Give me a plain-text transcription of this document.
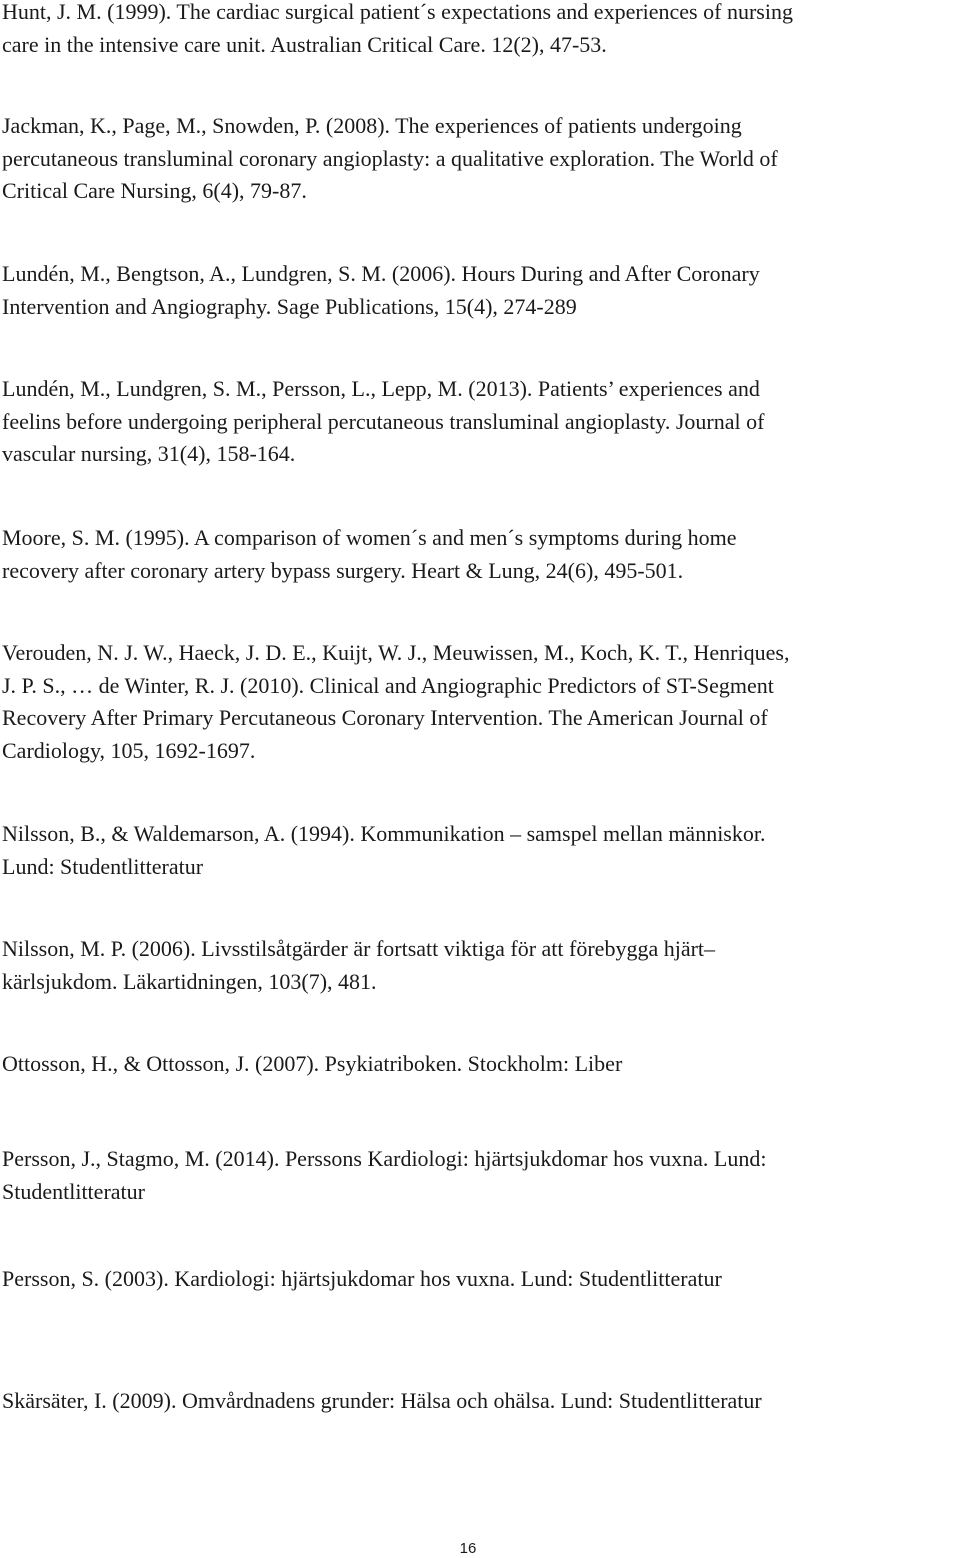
Hunt, J. M. (1999). The cardiac surgical patient´s expectations and experiences of nursing
care in the intensive care unit. Australian Critical Care. 12(2), 47-53.

Jackman, K., Page, M., Snowden, P. (2008). The experiences of patients undergoing
percutaneous transluminal coronary angioplasty: a qualitative exploration. The World of
Critical Care Nursing, 6(4), 79-87.

Lundén, M., Bengtson, A., Lundgren, S. M. (2006). Hours During and After Coronary
Intervention and Angiography. Sage Publications, 15(4), 274-289

Lundén, M., Lundgren, S. M., Persson, L., Lepp, M. (2013). Patients’ experiences and
feelins before undergoing peripheral percutaneous transluminal angioplasty. Journal of
vascular nursing, 31(4), 158-164.

Moore, S. M. (1995). A comparison of women´s and men´s symptoms during home
recovery after coronary artery bypass surgery. Heart & Lung, 24(6), 495-501.

Verouden, N. J. W., Haeck, J. D. E., Kuijt, W. J., Meuwissen, M., Koch, K. T., Henriques,
J. P. S., … de Winter, R. J. (2010). Clinical and Angiographic Predictors of ST-Segment
Recovery After Primary Percutaneous Coronary Intervention. The American Journal of
Cardiology, 105, 1692-1697.

Nilsson, B., & Waldemarson, A. (1994). Kommunikation – samspel mellan människor.
Lund: Studentlitteratur

Nilsson, M. P. (2006). Livsstilsåtgärder är fortsatt viktiga för att förebygga hjärt–
kärlsjukdom. Läkartidningen, 103(7), 481.

Ottosson, H., & Ottosson, J. (2007). Psykiatriboken. Stockholm: Liber

Persson, J., Stagmo, M. (2014). Perssons Kardiologi: hjärtsjukdomar hos vuxna. Lund:
Studentlitteratur

Persson, S. (2003). Kardiologi: hjärtsjukdomar hos vuxna. Lund: Studentlitteratur

Skärsäter, I. (2009). Omvårdnadens grunder: Hälsa och ohälsa. Lund: Studentlitteratur

16
